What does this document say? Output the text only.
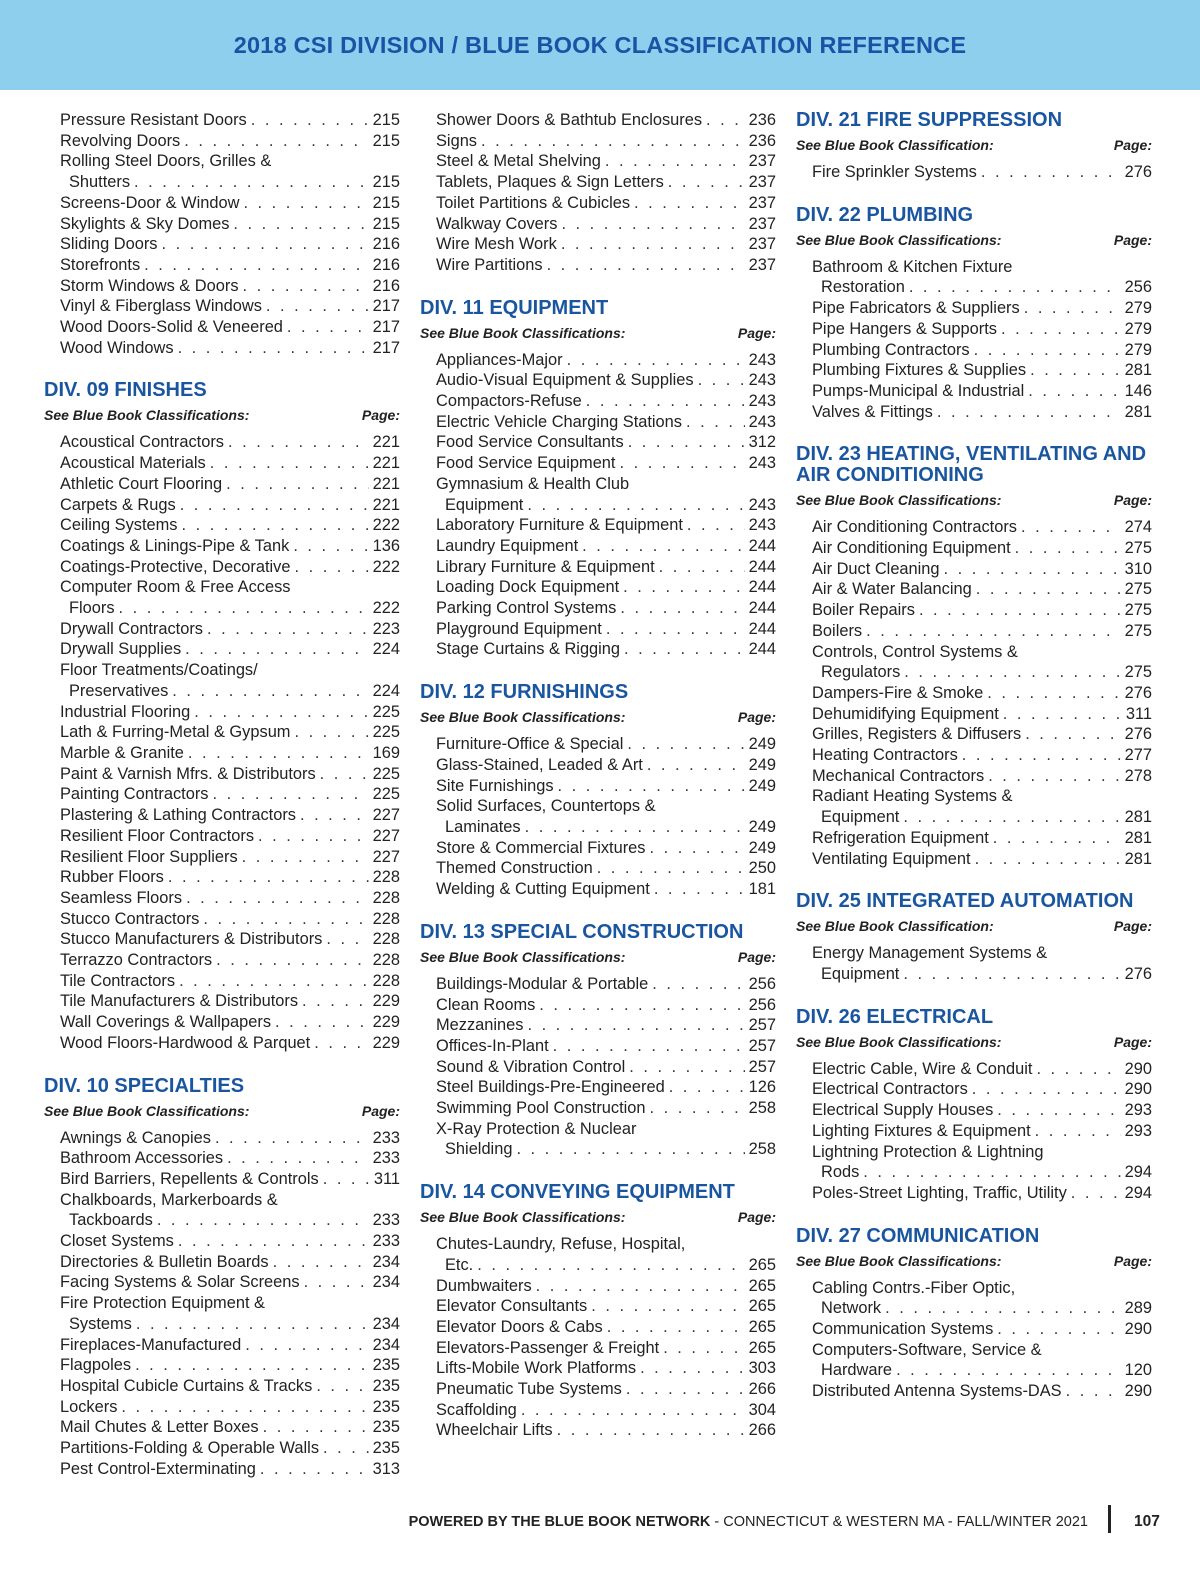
2018 CSI DIVISION / BLUE BOOK CLASSIFICATION REFERENCE
Pressure Resistant Doors . . .	215
Revolving Doors . . .	215
Rolling Steel Doors, Grilles &
Shutters . . .	215
Screens-Door & Window . . .	215
Skylights & Sky Domes . . .	215
Sliding Doors . . .	216
Storefronts . . .	216
Storm Windows & Doors . . .	216
Vinyl & Fiberglass Windows . . .	217
Wood Doors-Solid & Veneered . . .	217
Wood Windows . . .	217
DIV. 09 FINISHES
See Blue Book Classifications:	Page:
Acoustical Contractors . . .	221
Acoustical Materials . . .	221
Athletic Court Flooring . . .	221
Carpets & Rugs . . .	221
Ceiling Systems . . .	222
Coatings & Linings-Pipe & Tank . . .	136
Coatings-Protective, Decorative . . .	222
Computer Room & Free Access
Floors . . .	222
Drywall Contractors . . .	223
Drywall Supplies . . .	224
Floor Treatments/Coatings/
Preservatives . . .	224
Industrial Flooring . . .	225
Lath & Furring-Metal & Gypsum . . .	225
Marble & Granite . . .	169
Paint & Varnish Mfrs. & Distributors . . .	225
Painting Contractors . . .	225
Plastering & Lathing Contractors . . .	227
Resilient Floor Contractors . . .	227
Resilient Floor Suppliers . . .	227
Rubber Floors . . .	228
Seamless Floors . . .	228
Stucco Contractors . . .	228
Stucco Manufacturers & Distributors . . .	228
Terrazzo Contractors . . .	228
Tile Contractors . . .	228
Tile Manufacturers & Distributors . . .	229
Wall Coverings & Wallpapers . . .	229
Wood Floors-Hardwood & Parquet . . .	229
DIV. 10 SPECIALTIES
See Blue Book Classifications:	Page:
Awnings & Canopies . . .	233
Bathroom Accessories . . .	233
Bird Barriers, Repellents & Controls . . .	311
Chalkboards, Markerboards &
Tackboards . . .	233
Closet Systems . . .	233
Directories & Bulletin Boards . . .	234
Facing Systems & Solar Screens . . .	234
Fire Protection Equipment &
Systems . . .	234
Fireplaces-Manufactured . . .	234
Flagpoles . . .	235
Hospital Cubicle Curtains & Tracks . . .	235
Lockers . . .	235
Mail Chutes & Letter Boxes . . .	235
Partitions-Folding & Operable Walls . . .	235
Pest Control-Exterminating . . .	313
Shower Doors & Bathtub Enclosures . . .	236
Signs . . .	236
Steel & Metal Shelving . . .	237
Tablets, Plaques & Sign Letters . . .	237
Toilet Partitions & Cubicles . . .	237
Walkway Covers . . .	237
Wire Mesh Work . . .	237
Wire Partitions . . .	237
DIV. 11 EQUIPMENT
See Blue Book Classifications:	Page:
Appliances-Major . . .	243
Audio-Visual Equipment & Supplies . . .	243
Compactors-Refuse . . .	243
Electric Vehicle Charging Stations . . .	243
Food Service Consultants . . .	312
Food Service Equipment . . .	243
Gymnasium & Health Club
Equipment . . .	243
Laboratory Furniture & Equipment . . .	243
Laundry Equipment . . .	244
Library Furniture & Equipment . . .	244
Loading Dock Equipment . . .	244
Parking Control Systems . . .	244
Playground Equipment . . .	244
Stage Curtains & Rigging . . .	244
DIV. 12 FURNISHINGS
See Blue Book Classifications:	Page:
Furniture-Office & Special . . .	249
Glass-Stained, Leaded & Art . . .	249
Site Furnishings . . .	249
Solid Surfaces, Countertops &
Laminates . . .	249
Store & Commercial Fixtures . . .	249
Themed Construction . . .	250
Welding & Cutting Equipment . . .	181
DIV. 13 SPECIAL CONSTRUCTION
See Blue Book Classifications:	Page:
Buildings-Modular & Portable . . .	256
Clean Rooms . . .	256
Mezzanines . . .	257
Offices-In-Plant . . .	257
Sound & Vibration Control . . .	257
Steel Buildings-Pre-Engineered . . .	126
Swimming Pool Construction . . .	258
X-Ray Protection & Nuclear
Shielding . . .	258
DIV. 14 CONVEYING EQUIPMENT
See Blue Book Classifications:	Page:
Chutes-Laundry, Refuse, Hospital,
Etc. . . .	265
Dumbwaiters . . .	265
Elevator Consultants . . .	265
Elevator Doors & Cabs . . .	265
Elevators-Passenger & Freight . . .	265
Lifts-Mobile Work Platforms . . .	303
Pneumatic Tube Systems . . .	266
Scaffolding . . .	304
Wheelchair Lifts . . .	266
DIV. 21 FIRE SUPPRESSION
See Blue Book Classification:	Page:
Fire Sprinkler Systems . . .	276
DIV. 22 PLUMBING
See Blue Book Classifications:	Page:
Bathroom & Kitchen Fixture
Restoration . . .	256
Pipe Fabricators & Suppliers . . .	279
Pipe Hangers & Supports . . .	279
Plumbing Contractors . . .	279
Plumbing Fixtures & Supplies . . .	281
Pumps-Municipal & Industrial . . .	146
Valves & Fittings . . .	281
DIV. 23 HEATING, VENTILATING AND AIR CONDITIONING
See Blue Book Classifications:	Page:
Air Conditioning Contractors . . .	274
Air Conditioning Equipment . . .	275
Air Duct Cleaning . . .	310
Air & Water Balancing . . .	275
Boiler Repairs . . .	275
Boilers . . .	275
Controls, Control Systems &
Regulators . . .	275
Dampers-Fire & Smoke . . .	276
Dehumidifying Equipment . . .	311
Grilles, Registers & Diffusers . . .	276
Heating Contractors . . .	277
Mechanical Contractors . . .	278
Radiant Heating Systems &
Equipment . . .	281
Refrigeration Equipment . . .	281
Ventilating Equipment . . .	281
DIV. 25 INTEGRATED AUTOMATION
See Blue Book Classification:	Page:
Energy Management Systems &
Equipment . . .	276
DIV. 26 ELECTRICAL
See Blue Book Classifications:	Page:
Electric Cable, Wire & Conduit . . .	290
Electrical Contractors . . .	290
Electrical Supply Houses . . .	293
Lighting Fixtures & Equipment . . .	293
Lightning Protection & Lightning
Rods . . .	294
Poles-Street Lighting, Traffic, Utility . . .	294
DIV. 27 COMMUNICATION
See Blue Book Classifications:	Page:
Cabling Contrs.-Fiber Optic,
Network . . .	289
Communication Systems . . .	290
Computers-Software, Service &
Hardware . . .	120
Distributed Antenna Systems-DAS . . .	290
POWERED BY THE BLUE BOOK NETWORK - CONNECTICUT & WESTERN MA - FALL/WINTER 2021	107
